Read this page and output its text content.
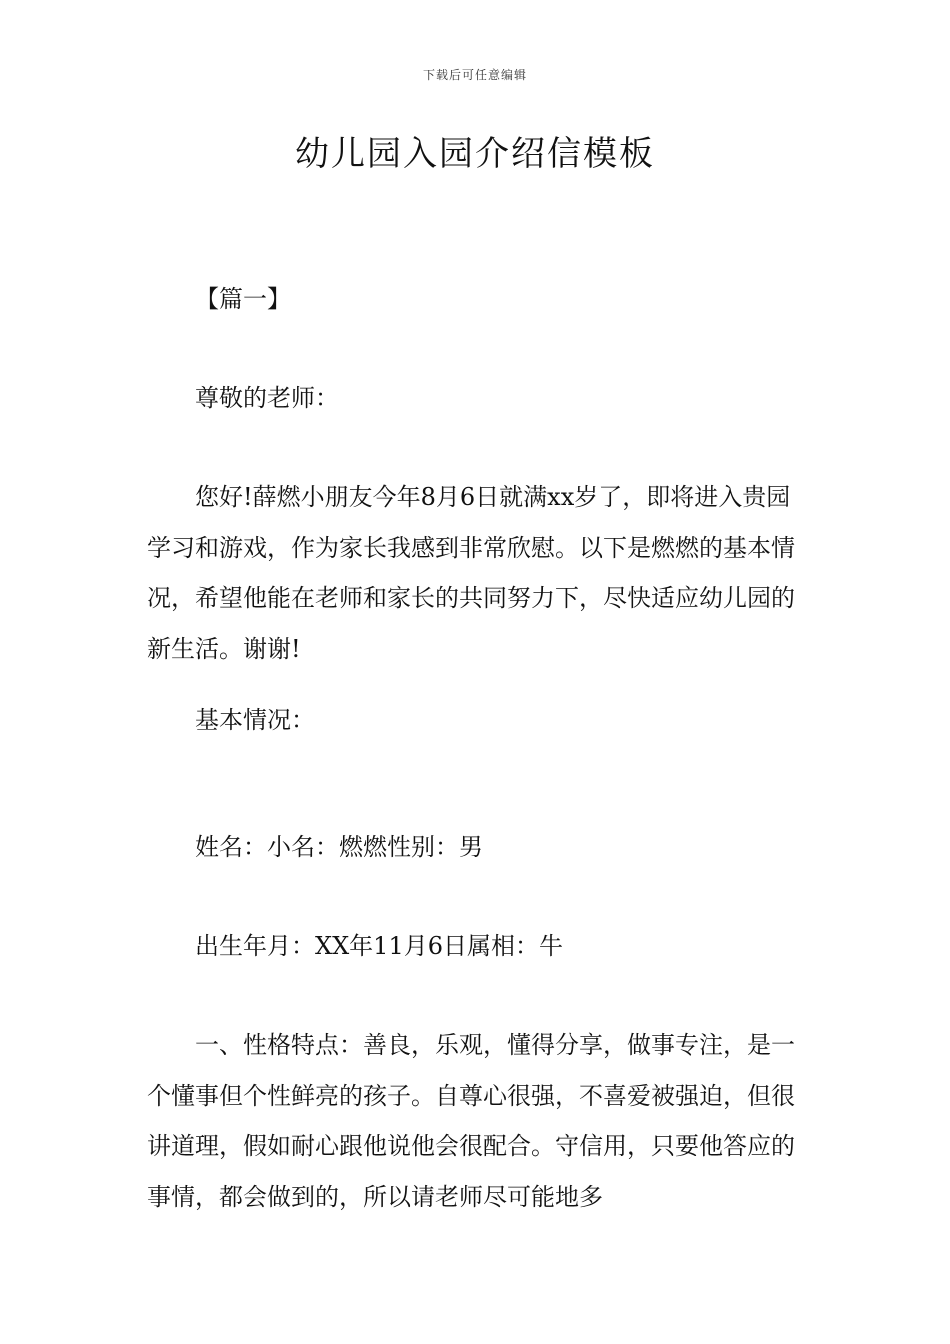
下载后可任意编辑
幼儿园入园介绍信模板

【篇一】

尊敬的老师：

您好!薛燃小朋友今年8月6日就满xx岁了，即将进入贵园学习和游戏，作为家长我感到非常欣慰。以下是燃燃的基本情况，希望他能在老师和家长的共同努力下，尽快适应幼儿园的新生活。谢谢!

基本情况：

姓名：小名：燃燃性别：男

出生年月：XX年11月6日属相：牛

一、性格特点：善良，乐观，懂得分享，做事专注，是一个懂事但个性鲜亮的孩子。自尊心很强，不喜爱被强迫，但很讲道理，假如耐心跟他说他会很配合。守信用，只要他答应的事情，都会做到的，所以请老师尽可能地多
